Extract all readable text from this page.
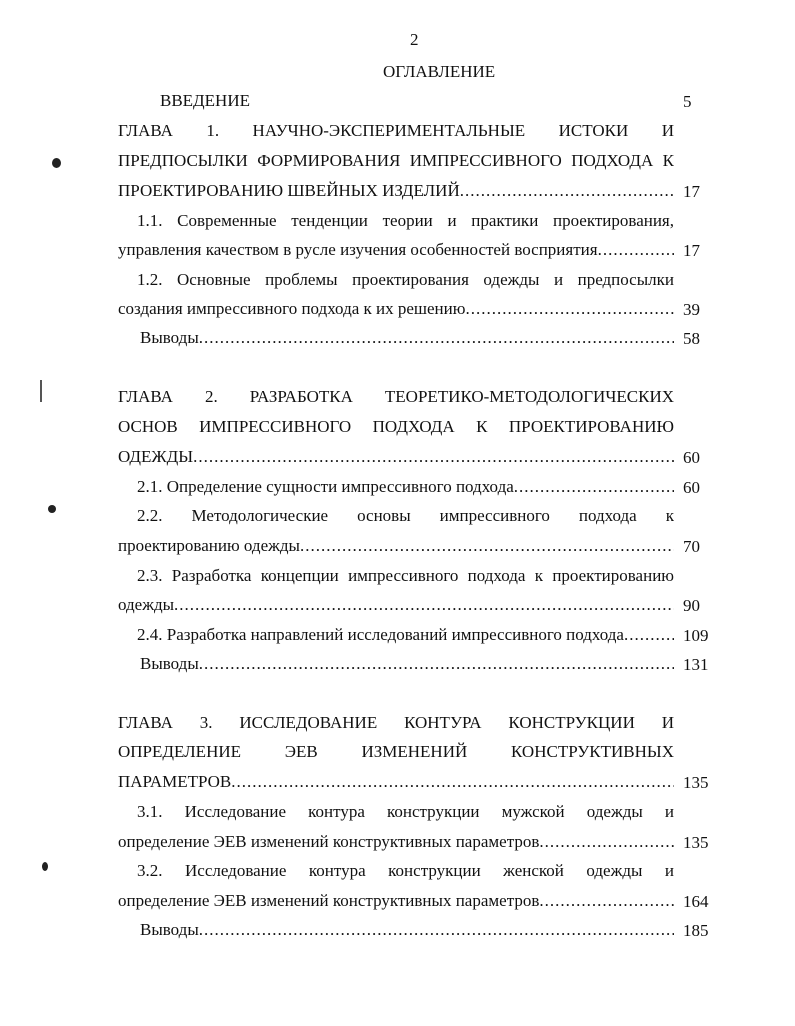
2
ОГЛАВЛЕНИЕ
ВВЕДЕНИЕ	5
ГЛАВА 1. НАУЧНО-ЭКСПЕРИМЕНТАЛЬНЫЕ ИСТОКИ И
ПРЕДПОСЫЛКИ ФОРМИРОВАНИЯ ИМПРЕССИВНОГО ПОДХОДА К
ПРОЕКТИРОВАНИЮ ШВЕЙНЫХ ИЗДЕЛИЙ .....	17
1.1. Современные тенденции теории и практики проектирования,
управления качеством в русле изучения особенностей восприятия .....	17
1.2. Основные проблемы проектирования одежды и предпосылки
создания импрессивного подхода к их решению .....	39
Выводы .....	58
ГЛАВА 2. РАЗРАБОТКА ТЕОРЕТИКО-МЕТОДОЛОГИЧЕСКИХ
ОСНОВ ИМПРЕССИВНОГО ПОДХОДА К ПРОЕКТИРОВАНИЮ
ОДЕЖДЫ .....	60
2.1. Определение сущности импрессивного подхода .....	60
2.2. Методологические основы импрессивного подхода к
проектированию одежды .....	70
2.3. Разработка концепции импрессивного подхода к проектированию
одежды .....	90
2.4. Разработка направлений исследований импрессивного подхода .....	109
Выводы .....	131
ГЛАВА 3. ИССЛЕДОВАНИЕ КОНТУРА КОНСТРУКЦИИ И
ОПРЕДЕЛЕНИЕ ЭЕВ ИЗМЕНЕНИЙ КОНСТРУКТИВНЫХ
ПАРАМЕТРОВ .....	135
3.1. Исследование контура конструкции мужской одежды и
определение ЭЕВ изменений конструктивных параметров .....	135
3.2. Исследование контура конструкции женской одежды и
определение ЭЕВ изменений конструктивных параметров .....	164
Выводы .....	185
